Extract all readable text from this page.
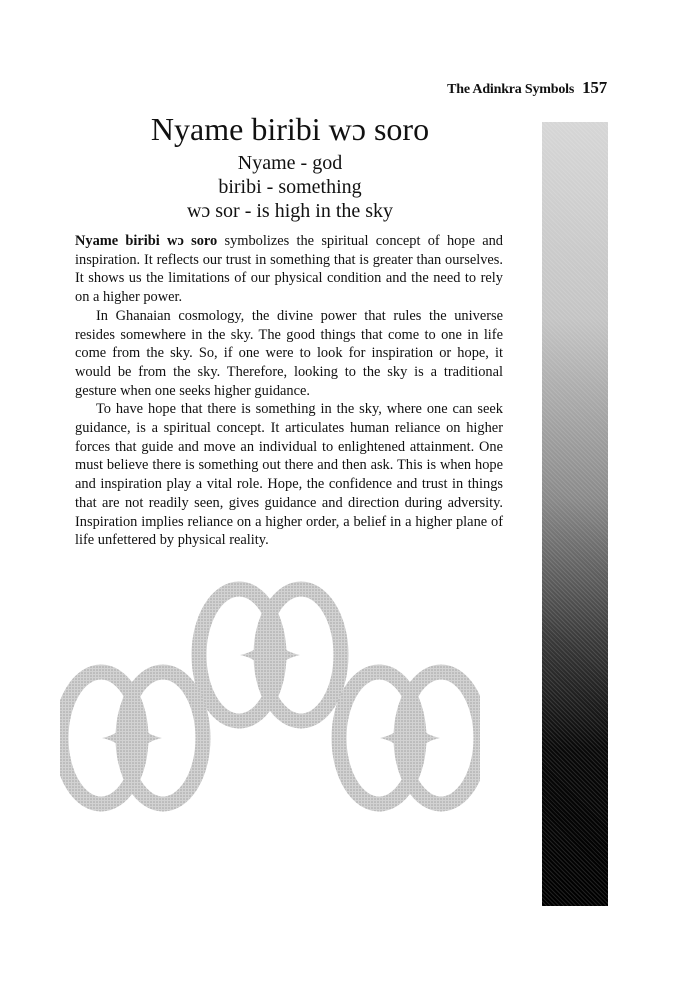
The Adinkra Symbols 157
Nyame biribi wɔ soro
Nyame - god
biribi - something
wɔ sor - is high in the sky

Nyame biribi wɔ soro symbolizes the spiritual concept of hope and inspiration. It reflects our trust in something that is greater than ourselves. It shows us the limitations of our physical condition and the need to rely on a higher power.

In Ghanaian cosmology, the divine power that rules the universe resides somewhere in the sky. The good things that come to one in life come from the sky. So, if one were to look for inspiration or hope, it would be from the sky. Therefore, looking to the sky is a traditional gesture when one seeks higher guidance.

To have hope that there is something in the sky, where one can seek guidance, is a spiritual concept. It articulates human reliance on higher forces that guide and move an individual to enlightened attainment. One must believe there is something out there and then ask. This is when hope and inspiration play a vital role. Hope, the confidence and trust in things that are not readily seen, gives guidance and direction during adversity. Inspiration implies reliance on a higher order, a belief in a higher plane of life unfettered by physical reality.
